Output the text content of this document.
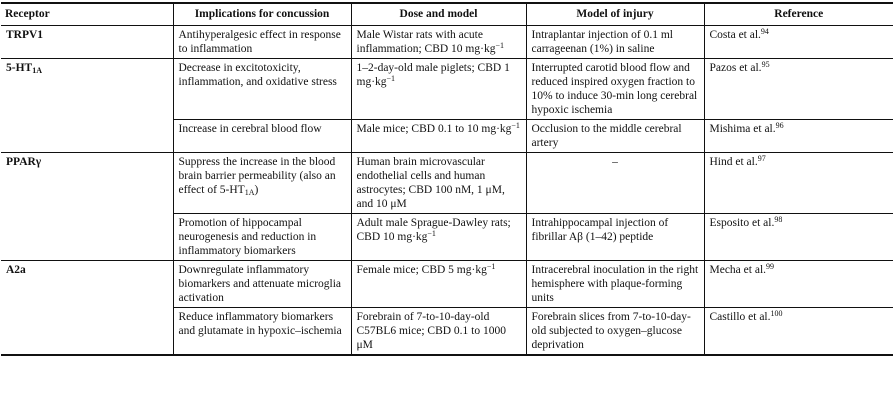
Receptor	Implications for concussion	Dose and model	Model of injury	Reference
TRPV1	Antihyperalgesic effect in response to inflammation	Male Wistar rats with acute inflammation; CBD 10 $mg\cdot kg^{-1}$	Intraplantar injection of 0.1 ml carrageenan (1%) in saline	Costa et al.$^{94}$
$5-HT_{1A}$	Decrease in excitotoxicity, inflammation, and oxidative stress	1–2-day-old male piglets; CBD 1 $mg\cdot kg^{-1}$	Interrupted carotid blood flow and reduced inspired oxygen fraction to 10% to induce 30-min long cerebral hypoxic ischemia	Pazos et al.$^{95}$
	Increase in cerebral blood flow	Male mice; CBD 0.1 to 10 $mg\cdot kg^{-1}$	Occlusion to the middle cerebral artery	Mishima et al.$^{96}$
PPARγ	Suppress the increase in the blood brain barrier permeability (also an effect of $5-HT_{1A}$)	Human brain microvascular endothelial cells and human astrocytes; CBD 100 nM, 1 μM, and 10 μM	–	Hind et al.$^{97}$
	Promotion of hippocampal neurogenesis and reduction in inflammatory biomarkers	Adult male Sprague-Dawley rats; CBD 10 $mg\cdot kg^{-1}$	Intrahippocampal injection of fibrillar Aβ (1–42) peptide	Esposito et al.$^{98}$
A2a	Downregulate inflammatory biomarkers and attenuate microglia activation	Female mice; CBD 5 $mg\cdot kg^{-1}$	Intracerebral inoculation in the right hemisphere with plaque-forming units	Mecha et al.$^{99}$
	Reduce inflammatory biomarkers and glutamate in hypoxic–ischemia	Forebrain of 7-to-10-day-old C57BL6 mice; CBD 0.1 to 1000 μM	Forebrain slices from 7-to-10-day-old subjected to oxygen–glucose deprivation	Castillo et al.$^{100}$
